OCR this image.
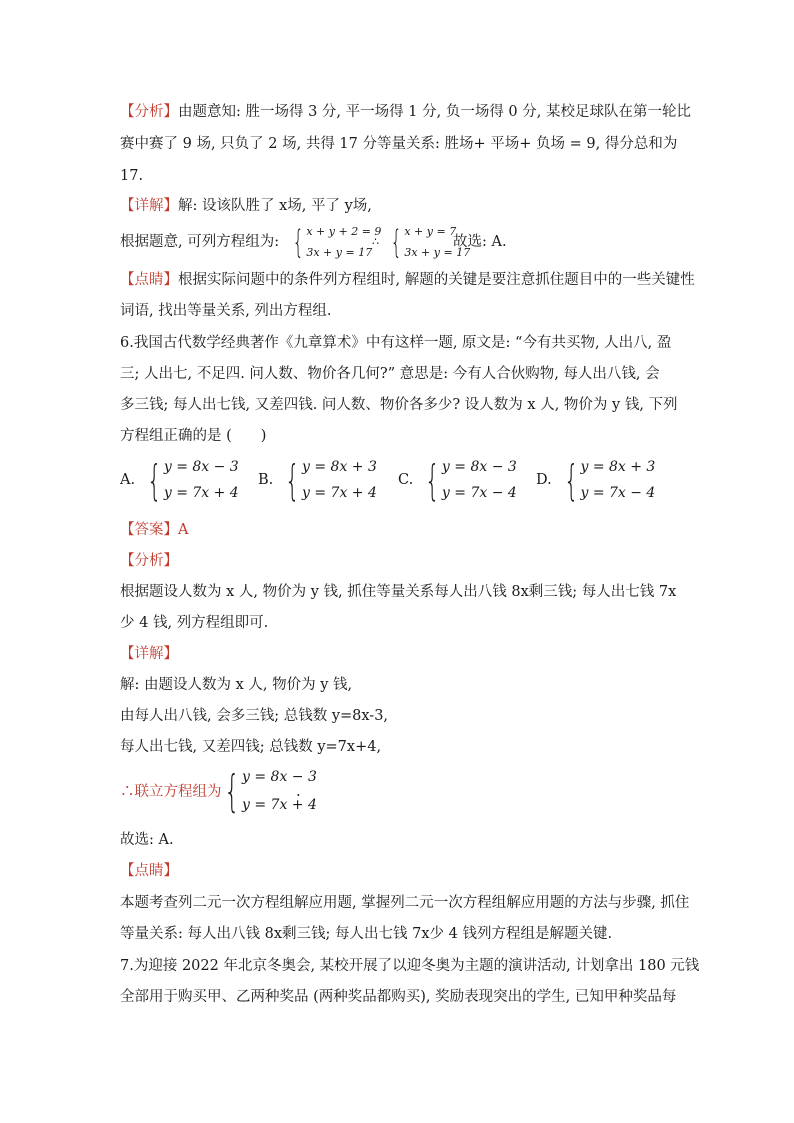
【分析】由题意知: 胜一场得 3 分, 平一场得 1 分, 负一场得 0 分, 某校足球队在第一轮比
赛中赛了 9 场, 只负了 2 场, 共得 17 分等量关系: 胜场+ 平场+ 负场 = 9, 得分总和为
17.
【详解】解: 设该队胜了 x场, 平了 y场,
根据题意, 可列方程组为: { x + y + 2 = 9
3x + y = 17
∴ { x + y = 7
3x + y = 17
故选: A.
【点睛】根据实际问题中的条件列方程组时, 解题的关键是要注意抓住题目中的一些关键性
词语, 找出等量关系, 列出方程组.
6.我国古代数学经典著作《九章算术》中有这样一题, 原文是: “今有共买物, 人出八, 盈
三; 人出七, 不足四. 问人数、物价各几何?” 意思是: 今有人合伙购物, 每人出八钱, 会
多三钱; 每人出七钱, 又差四钱. 问人数、物价各多少? 设人数为 x 人, 物价为 y 钱, 下列
方程组正确的是 (　　)
A. { y = 8x − 3
y = 7x + 4
B. { y = 8x + 3
y = 7x + 4
C. { y = 8x − 3
y = 7x − 4
D. { y = 8x + 3
y = 7x − 4
【答案】A
【分析】
根据题设人数为 x 人, 物价为 y 钱, 抓住等量关系每人出八钱 8x剩三钱; 每人出七钱 7x
少 4 钱, 列方程组即可.
【详解】
解: 由题设人数为 x 人, 物价为 y 钱,
由每人出八钱, 会多三钱; 总钱数 y=8x-3,
每人出七钱, 又差四钱; 总钱数 y=7x+4,
∴联立方程组为 { y = 8x − 3
y = 7x + 4
.
故选: A.
【点睛】
本题考查列二元一次方程组解应用题, 掌握列二元一次方程组解应用题的方法与步骤, 抓住
等量关系: 每人出八钱 8x剩三钱; 每人出七钱 7x少 4 钱列方程组是解题关键.
7.为迎接 2022 年北京冬奥会, 某校开展了以迎冬奥为主题的演讲活动, 计划拿出 180 元钱
全部用于购买甲、乙两种奖品 (两种奖品都购买), 奖励表现突出的学生, 已知甲种奖品每
